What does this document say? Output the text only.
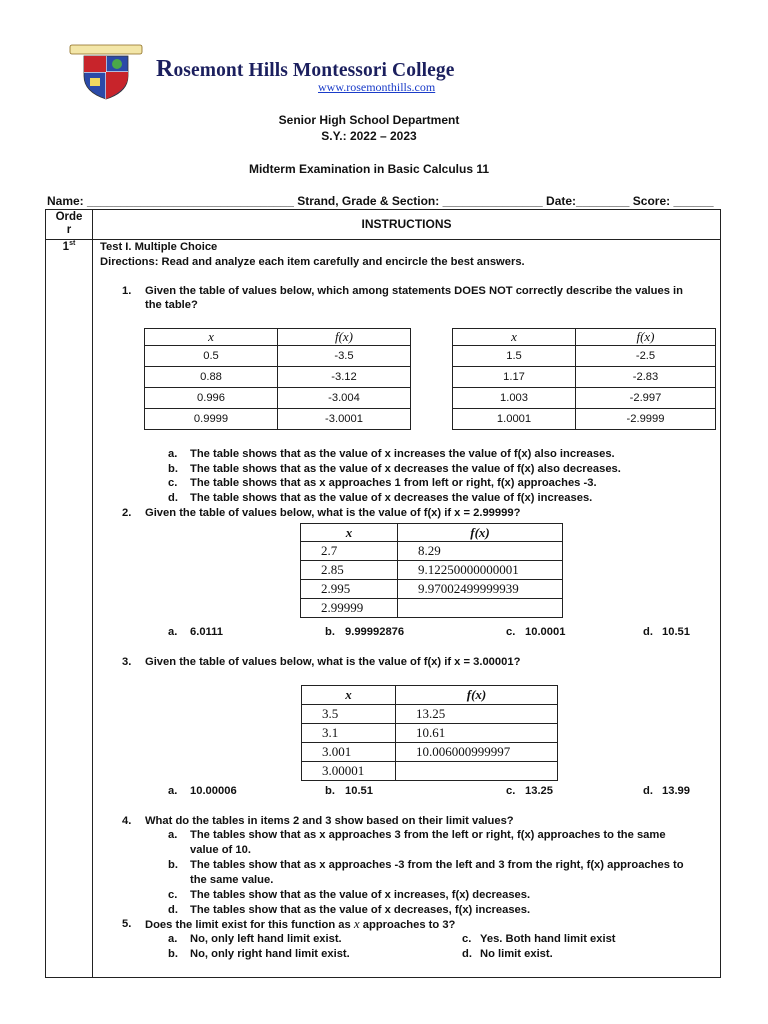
Rosemont Hills Montessori College
www.rosemonthills.com
Senior High School Department
S.Y.: 2022 – 2023
Midterm Examination in Basic Calculus 11
Name: _______________________________ Strand, Grade & Section: _______________ Date:________ Score: ______
Orde
r	INSTRUCTIONS
1st	Test I. Multiple Choice
Directions: Read and analyze each item carefully and encircle the best answers.
1. Given the table of values below, which among statements DOES NOT correctly describe the values in
the table?
x	f(x)
0.5	-3.5
0.88	-3.12
0.996	-3.004
0.9999	-3.0001
x	f(x)
1.5	-2.5
1.17	-2.83
1.003	-2.997
1.0001	-2.9999
a. The table shows that as the value of x increases the value of f(x) also increases.
b. The table shows that as the value of x decreases the value of f(x) also decreases.
c. The table shows that as x approaches 1 from left or right, f(x) approaches -3.
d. The table shows that as the value of x decreases the value of f(x) increases.
2. Given the table of values below, what is the value of f(x) if x = 2.99999?
x	f(x)
2.7	8.29
2.85	9.12250000000001
2.995	9.97002499999939
2.99999	
a. 6.0111	b. 9.99992876	c. 10.0001	d. 10.51
3. Given the table of values below, what is the value of f(x) if x = 3.00001?
x	f(x)
3.5	13.25
3.1	10.61
3.001	10.006000999997
3.00001	
a. 10.00006	b. 10.51	c. 13.25	d. 13.99
4. What do the tables in items 2 and 3 show based on their limit values?
a. The tables show that as x approaches 3 from the left or right, f(x) approaches to the same
value of 10.
b. The tables show that as x approaches -3 from the left and 3 from the right, f(x) approaches to
the same value.
c. The tables show that as the value of x increases, f(x) decreases.
d. The tables show that as the value of x decreases, f(x) increases.
5. Does the limit exist for this function as x approaches to 3?
a. No, only left hand limit exist.
b. No, only right hand limit exist.
c. Yes. Both hand limit exist
d. No limit exist.
